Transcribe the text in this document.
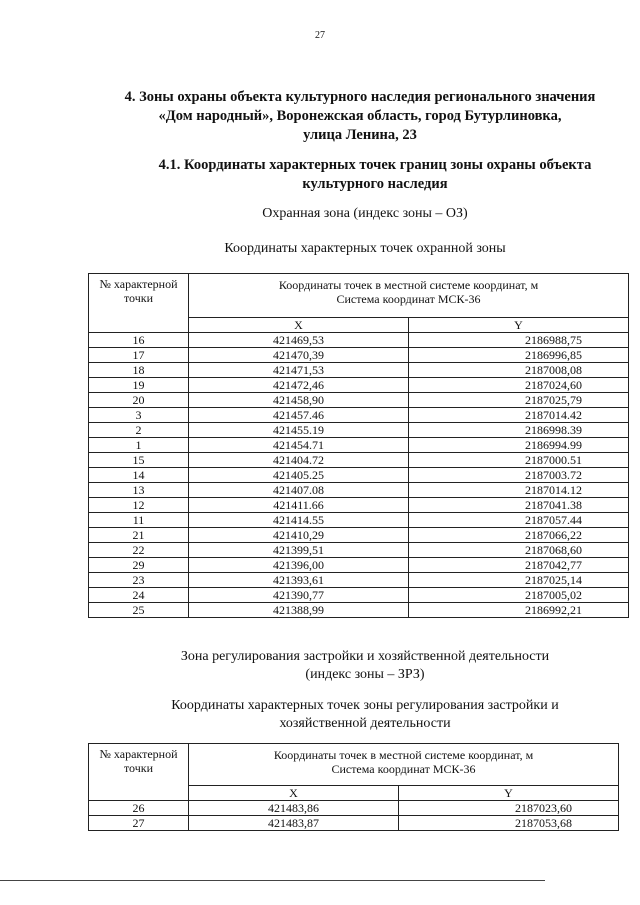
27
4. Зоны охраны объекта культурного наследия регионального значения
«Дом народный», Воронежская область, город Бутурлиновка,
улица Ленина, 23
4.1. Координаты характерных точек границ зоны охраны объекта
культурного наследия
Охранная зона (индекс зоны – ОЗ)
Координаты характерных точек охранной зоны
№ характерной точки	Координаты точек в местной системе координат, м
Система координат МСК-36	

	X	Y
16	421469,53	2186988,75
17	421470,39	2186996,85
18	421471,53	2187008,08
19	421472,46	2187024,60
20	421458,90	2187025,79
3	421457.46	2187014.42
2	421455.19	2186998.39
1	421454.71	2186994.99
15	421404.72	2187000.51
14	421405.25	2187003.72
13	421407.08	2187014.12
12	421411.66	2187041.38
11	421414.55	2187057.44
21	421410,29	2187066,22
22	421399,51	2187068,60
29	421396,00	2187042,77
23	421393,61	2187025,14
24	421390,77	2187005,02
25	421388,99	2186992,21
Зона регулирования застройки и хозяйственной деятельности
(индекс зоны – ЗРЗ)
Координаты характерных точек зоны регулирования застройки и
хозяйственной деятельности
№ характерной точки	Координаты точек в местной системе координат, м
Система координат МСК-36	

	X	Y
26	421483,86	2187023,60
27	421483,87	2187053,68
